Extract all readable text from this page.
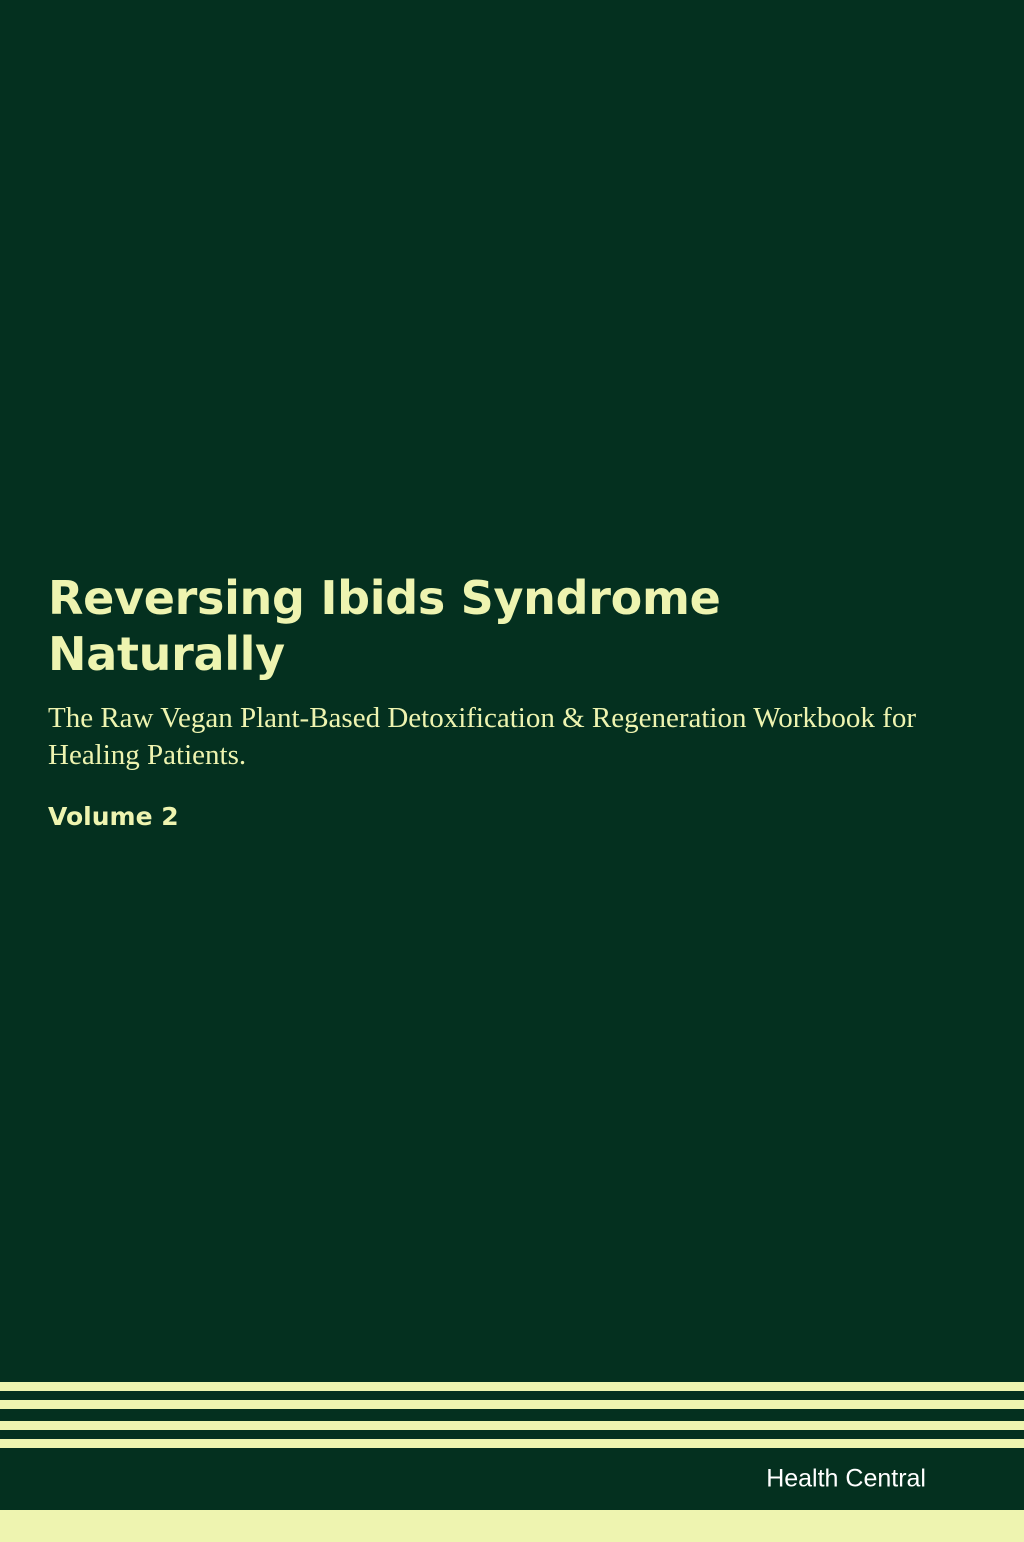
Reversing Ibids Syndrome Naturally

The Raw Vegan Plant-Based Detoxification & Regeneration Workbook for Healing Patients.

Volume 2

Health Central
